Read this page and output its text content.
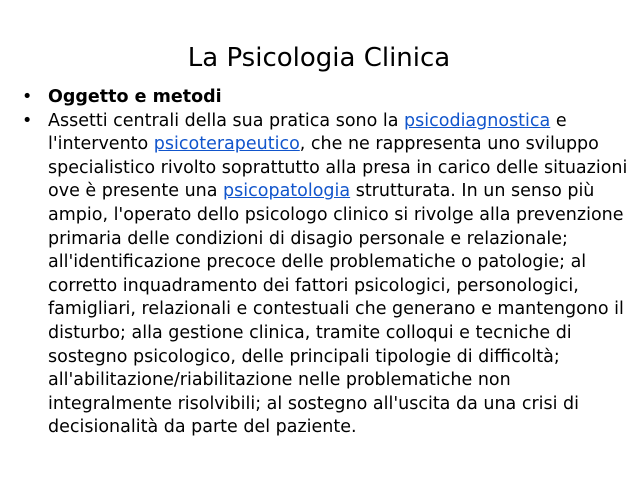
La Psicologia Clinica
• Oggetto e metodi
• Assetti centrali della sua pratica sono la psicodiagnostica e l'intervento psicoterapeutico, che ne rappresenta uno sviluppo specialistico rivolto soprattutto alla presa in carico delle situazioni ove è presente una psicopatologia strutturata. In un senso più ampio, l'operato dello psicologo clinico si rivolge alla prevenzione primaria delle condizioni di disagio personale e relazionale; all'identificazione precoce delle problematiche o patologie; al corretto inquadramento dei fattori psicologici, personologici, famigliari, relazionali e contestuali che generano e mantengono il disturbo; alla gestione clinica, tramite colloqui e tecniche di sostegno psicologico, delle principali tipologie di difficoltà; all'abilitazione/riabilitazione nelle problematiche non integralmente risolvibili; al sostegno all'uscita da una crisi di decisionalità da parte del paziente.
